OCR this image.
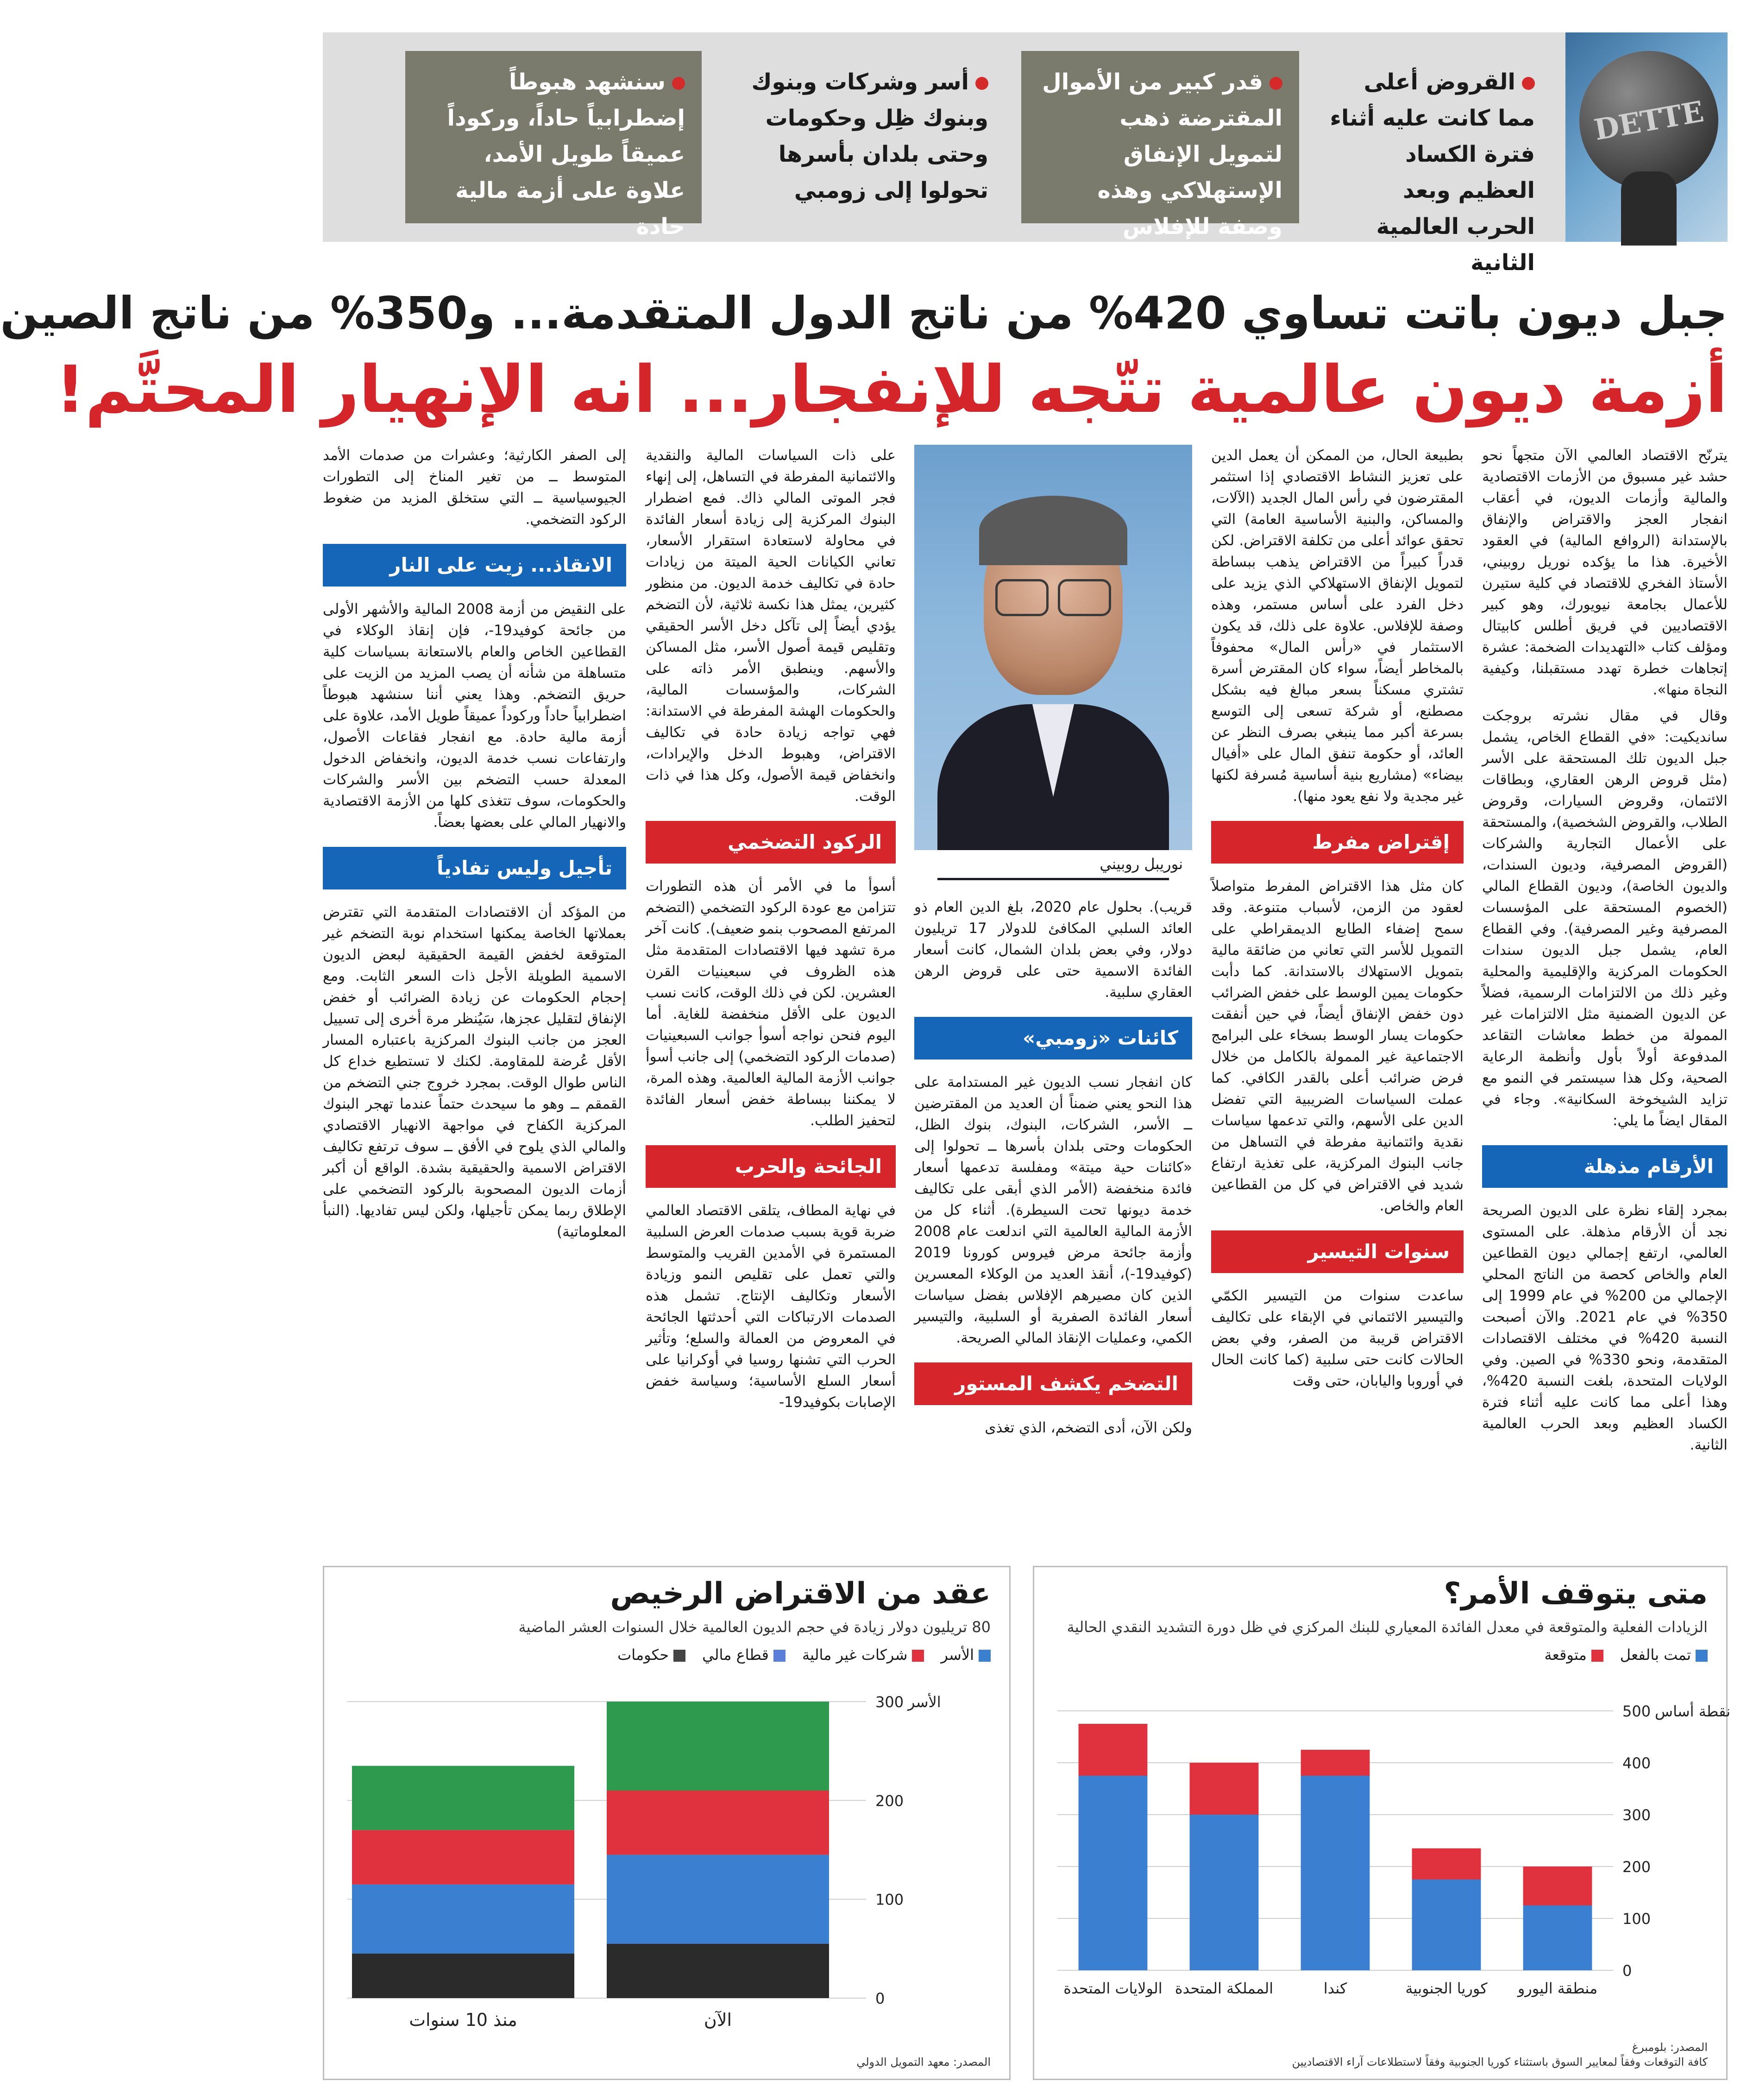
DETTE
القروض أعلى مما كانت عليه أثناء فترة الكساد العظيم وبعد الحرب العالمية الثانية
قدر كبير من الأموال المقترضة ذهب لتمويل الإنفاق الإستهلاكي وهذه وصفة للإفلاس
أسر وشركات وبنوك وبنوك ظِل وحكومات وحتى بلدان بأسرها تحولوا إلى زومبي
سنشهد هبوطاً إضطرابياً حاداً، وركوداً عميقاً طويل الأمد، علاوة على أزمة مالية حادة
جبل ديون باتت تساوي 420% من ناتج الدول المتقدمة... و350% من ناتج الصين
أزمة ديون عالمية تتّجه للإنفجار... انه الإنهيار المحتَّم!

يترنّح الاقتصاد العالمي الآن متجهاً نحو حشد غير مسبوق من الأزمات الاقتصادية والمالية وأزمات الديون، في أعقاب انفجار العجز والاقتراض والإنفاق بالإستدانة (الروافع المالية) في العقود الأخيرة. هذا ما يؤكده نوريل روبيني، الأستاذ الفخري للاقتصاد في كلية ستيرن للأعمال بجامعة نيويورك، وهو كبير الاقتصاديين في فريق أطلس كابيتال ومؤلف كتاب «التهديدات الضخمة: عشرة إتجاهات خطرة تهدد مستقبلنا، وكيفية النجاة منها».

وقال في مقال نشرته بروجكت سانديكيت: «في القطاع الخاص، يشمل جبل الديون تلك المستحقة على الأسر (مثل قروض الرهن العقاري، وبطاقات الائتمان، وقروض السيارات، وقروض الطلاب، والقروض الشخصية)، والمستحقة على الأعمال التجارية والشركات (القروض المصرفية، وديون السندات، والديون الخاصة)، وديون القطاع المالي (الخصوم المستحقة على المؤسسات المصرفية وغير المصرفية). وفي القطاع العام، يشمل جبل الديون سندات الحكومات المركزية والإقليمية والمحلية وغير ذلك من الالتزامات الرسمية، فضلاً عن الديون الضمنية مثل الالتزامات غير الممولة من خطط معاشات التقاعد المدفوعة أولاً بأول وأنظمة الرعاية الصحية، وكل هذا سيستمر في النمو مع تزايد الشيخوخة السكانية». وجاء في المقال ايضاً ما يلي:

الأرقام مذهلة

بمجرد إلقاء نظرة على الديون الصريحة نجد أن الأرقام مذهلة. على المستوى العالمي، ارتفع إجمالي ديون القطاعين العام والخاص كحصة من الناتج المحلي الإجمالي من 200% في عام 1999 إلى 350% في عام 2021. والآن أصبحت النسبة 420% في مختلف الاقتصادات المتقدمة، ونحو 330% في الصين. وفي الولايات المتحدة، بلغت النسبة 420%، وهذا أعلى مما كانت عليه أثناء فترة الكساد العظيم وبعد الحرب العالمية الثانية.

بطبيعة الحال، من الممكن أن يعمل الدين على تعزيز النشاط الاقتصادي إذا استثمر المقترضون في رأس المال الجديد (الآلات، والمساكن، والبنية الأساسية العامة) التي تحقق عوائد أعلى من تكلفة الاقتراض. لكن قدراً كبيراً من الاقتراض يذهب ببساطة لتمويل الإنفاق الاستهلاكي الذي يزيد على دخل الفرد على أساس مستمر، وهذه وصفة للإفلاس. علاوة على ذلك، قد يكون الاستثمار في «رأس المال» محفوفاً بالمخاطر أيضاً، سواء كان المقترض أسرة تشتري مسكناً بسعر مبالغ فيه بشكل مصطنع، أو شركة تسعى إلى التوسع بسرعة أكبر مما ينبغي بصرف النظر عن العائد، أو حكومة تنفق المال على «أفيال بيضاء» (مشاريع بنية أساسية مُسرفة لكنها غير مجدية ولا نفع يعود منها).

إقتراض مفرط

كان مثل هذا الاقتراض المفرط متواصلاً لعقود من الزمن، لأسباب متنوعة. وقد سمح إضفاء الطابع الديمقراطي على التمويل للأسر التي تعاني من ضائقة مالية بتمويل الاستهلاك بالاستدانة. كما دأبت حكومات يمين الوسط على خفض الضرائب دون خفض الإنفاق أيضاً، في حين أنفقت حكومات يسار الوسط بسخاء على البرامج الاجتماعية غير الممولة بالكامل من خلال فرض ضرائب أعلى بالقدر الكافي. كما عملت السياسات الضريبية التي تفضل الدين على الأسهم، والتي تدعمها سياسات نقدية وائتمانية مفرطة في التساهل من جانب البنوك المركزية، على تغذية ارتفاع شديد في الاقتراض في كل من القطاعين العام والخاص.

سنوات التيسير

ساعدت سنوات من التيسير الكمّي والتيسير الائتماني في الإبقاء على تكاليف الاقتراض قريبة من الصفر، وفي بعض الحالات كانت حتى سلبية (كما كانت الحال في أوروبا واليابان، حتى وقت

نوريبل روبيني

قريب). بحلول عام 2020، بلغ الدين العام ذو العائد السلبي المكافئ للدولار 17 تريليون دولار، وفي بعض بلدان الشمال، كانت أسعار الفائدة الاسمية حتى على قروض الرهن العقاري سلبية.

كائنات «زومبي»

كان انفجار نسب الديون غير المستدامة على هذا النحو يعني ضمناً أن العديد من المقترضين ــ الأسر، الشركات، البنوك، بنوك الظل، الحكومات وحتى بلدان بأسرها ــ تحولوا إلى «كائنات حية ميتة» ومفلسة تدعمها أسعار فائدة منخفضة (الأمر الذي أبقى على تكاليف خدمة ديونها تحت السيطرة). أثناء كل من الأزمة المالية العالمية التي اندلعت عام 2008 وأزمة جائحة مرض فيروس كورونا 2019 (كوفيد19-)، أنقذ العديد من الوكلاء المعسرين الذين كان مصيرهم الإفلاس بفضل سياسات أسعار الفائدة الصفرية أو السلبية، والتيسير الكمي، وعمليات الإنقاذ المالي الصريحة.

التضخم يكشف المستور

ولكن الآن، أدى التضخم، الذي تغذى

على ذات السياسات المالية والنقدية والائتمانية المفرطة في التساهل، إلى إنهاء فجر الموتى المالي ذاك. فمع اضطرار البنوك المركزية إلى زيادة أسعار الفائدة في محاولة لاستعادة استقرار الأسعار، تعاني الكيانات الحية الميتة من زيادات حادة في تكاليف خدمة الديون. من منظور كثيرين، يمثل هذا نكسة ثلاثية، لأن التضخم يؤدي أيضاً إلى تآكل دخل الأسر الحقيقي وتقليص قيمة أصول الأسر، مثل المساكن والأسهم. وينطبق الأمر ذاته على الشركات، والمؤسسات المالية، والحكومات الهشة المفرطة في الاستدانة: فهي تواجه زيادة حادة في تكاليف الاقتراض، وهبوط الدخل والإيرادات، وانخفاض قيمة الأصول، وكل هذا في ذات الوقت.

الركود التضخمي

أسوأ ما في الأمر أن هذه التطورات تتزامن مع عودة الركود التضخمي (التضخم المرتفع المصحوب بنمو ضعيف). كانت آخر مرة تشهد فيها الاقتصادات المتقدمة مثل هذه الظروف في سبعينيات القرن العشرين. لكن في ذلك الوقت، كانت نسب الديون على الأقل منخفضة للغاية. أما اليوم فنحن نواجه أسوأ جوانب السبعينيات (صدمات الركود التضخمي) إلى جانب أسوأ جوانب الأزمة المالية العالمية. وهذه المرة، لا يمكننا ببساطة خفض أسعار الفائدة لتحفيز الطلب.

الجائحة والحرب

في نهاية المطاف، يتلقى الاقتصاد العالمي ضربة قوية بسبب صدمات العرض السلبية المستمرة في الأمدين القريب والمتوسط والتي تعمل على تقليص النمو وزيادة الأسعار وتكاليف الإنتاج. تشمل هذه الصدمات الارتباكات التي أحدثتها الجائحة في المعروض من العمالة والسلع؛ وتأثير الحرب التي تشنها روسيا في أوكرانيا على أسعار السلع الأساسية؛ وسياسة خفض الإصابات بكوفيد19-

إلى الصفر الكارثية؛ وعشرات من صدمات الأمد المتوسط ــ من تغير المناخ إلى التطورات الجيوسياسية ــ التي ستخلق المزيد من ضغوط الركود التضخمي.

الانقاذ... زيت على النار

على النقيض من أزمة 2008 المالية والأشهر الأولى من جائحة كوفيد19-، فإن إنقاذ الوكلاء في القطاعين الخاص والعام بالاستعانة بسياسات كلية متساهلة من شأنه أن يصب المزيد من الزيت على حريق التضخم. وهذا يعني أننا سنشهد هبوطاً اضطرابياً حاداً وركوداً عميقاً طويل الأمد، علاوة على أزمة مالية حادة. مع انفجار فقاعات الأصول، وارتفاعات نسب خدمة الديون، وانخفاض الدخول المعدلة حسب التضخم بين الأسر والشركات والحكومات، سوف تتغذى كلها من الأزمة الاقتصادية والانهيار المالي على بعضها بعضاً.

تأجيل وليس تفادياً

من المؤكد أن الاقتصادات المتقدمة التي تقترض بعملاتها الخاصة يمكنها استخدام نوبة التضخم غير المتوقعة لخفض القيمة الحقيقية لبعض الديون الاسمية الطويلة الأجل ذات السعر الثابت. ومع إحجام الحكومات عن زيادة الضرائب أو خفض الإنفاق لتقليل عجزها، سَيُنظر مرة أخرى إلى تسييل العجز من جانب البنوك المركزية باعتباره المسار الأقل عُرضة للمقاومة. لكنك لا تستطيع خداع كل الناس طوال الوقت. بمجرد خروج جني التضخم من القمقم ــ وهو ما سيحدث حتماً عندما تهجر البنوك المركزية الكفاح في مواجهة الانهيار الاقتصادي والمالي الذي يلوح في الأفق ــ سوف ترتفع تكاليف الاقتراض الاسمية والحقيقية بشدة. الواقع أن أكبر أزمات الديون المصحوبة بالركود التضخمي على الإطلاق ربما يمكن تأجيلها، ولكن ليس تفاديها. (النبأ المعلوماتية)

متى يتوقف الأمر؟
الزيادات الفعلية والمتوقعة في معدل الفائدة المعياري للبنك المركزي في ظل دورة التشديد النقدي الحالية
تمت بالفعل
متوقعة
0
100
200
300
400
500 نقطة أساس
الولايات المتحدة المملكة المتحدة	كندا	كوريا الجنوبية منطقة اليورو
المصدر: بلومبرغ
كافة التوقعات وفقاً لمعايير السوق باستثناء كوريا الجنوبية وفقاً لاستطلاعات آراء الاقتصاديين
عقد من الاقتراض الرخيص
80 تريليون دولار زيادة في حجم الديون العالمية خلال السنوات العشر الماضية
الأسر
شركات غير مالية
قطاع مالي
حكومات
0
100
200
300 الأسر
الآن
منذ 10 سنوات
المصدر: معهد التمويل الدولي
